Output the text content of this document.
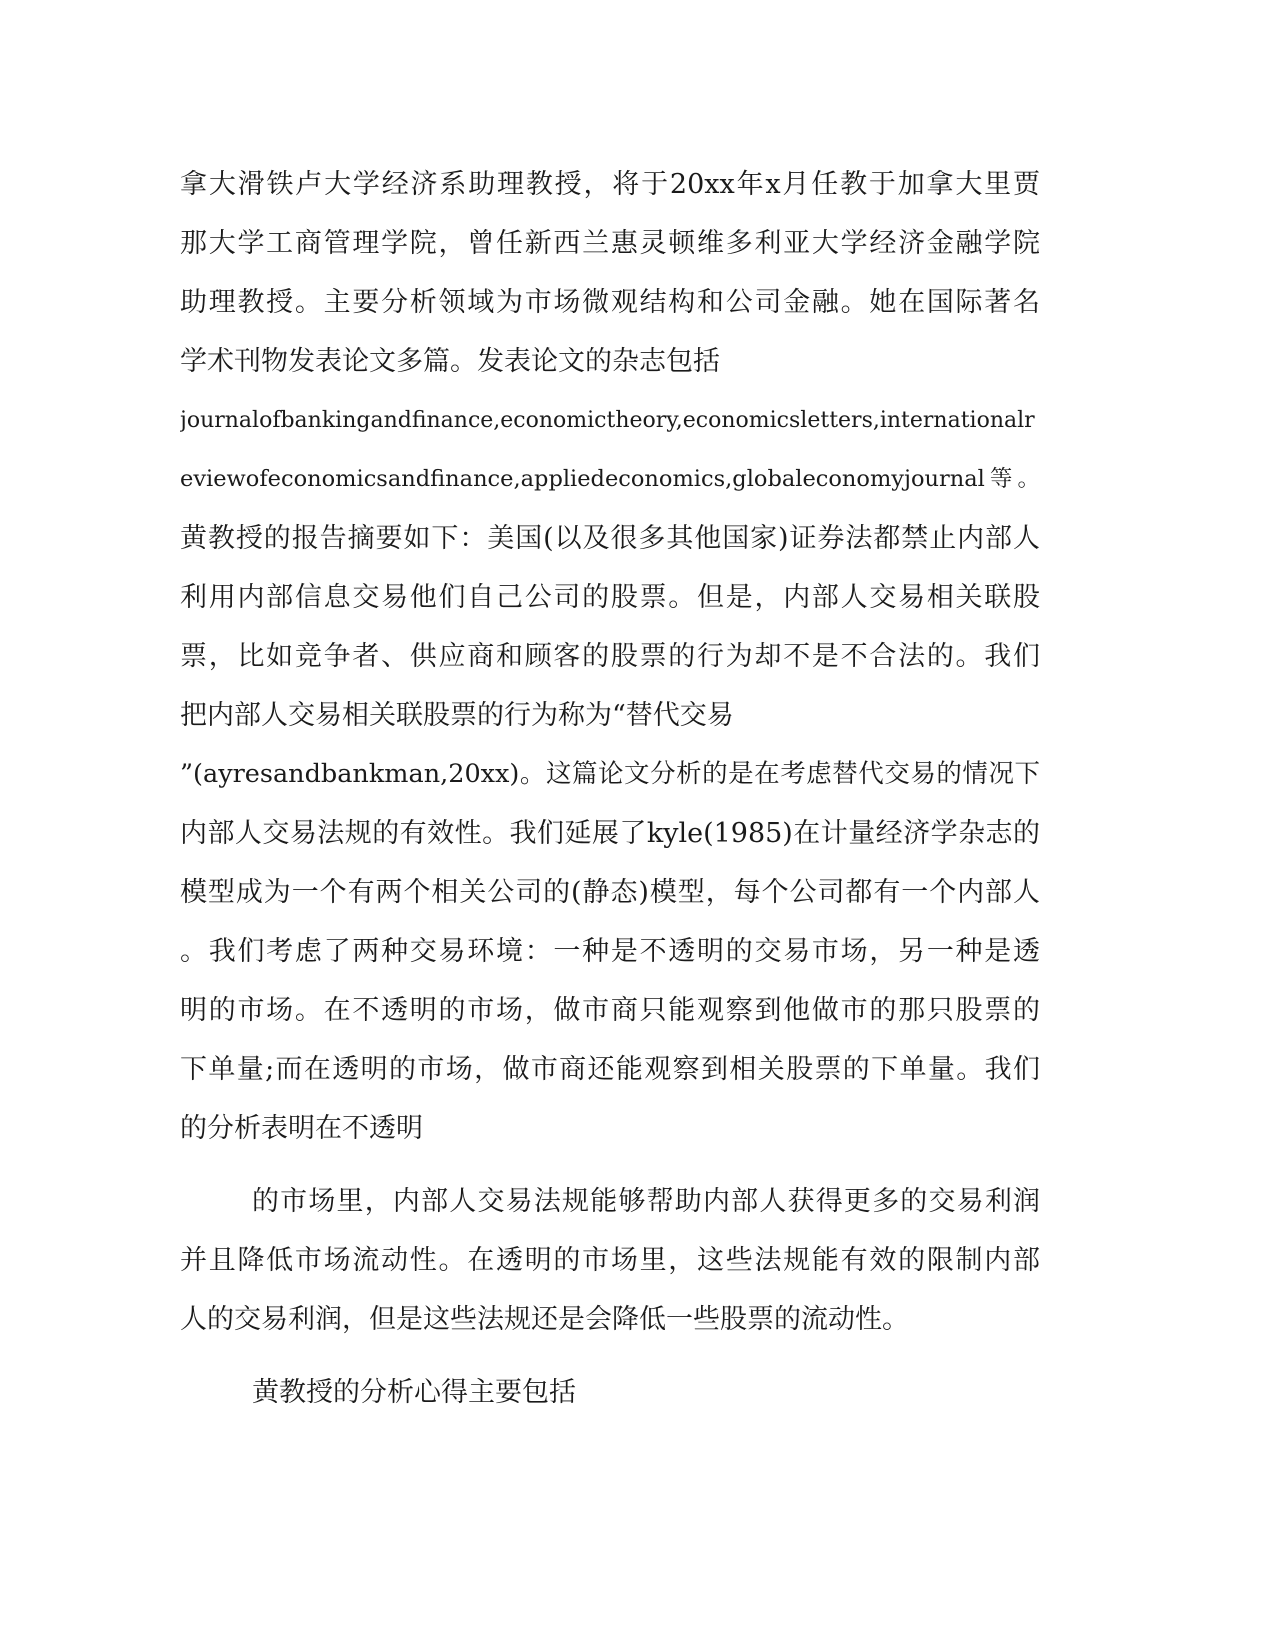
拿大滑铁卢大学经济系助理教授，将于20xx年x月任教于加拿大里贾
那大学工商管理学院，曾任新西兰惠灵顿维多利亚大学经济金融学院
助理教授。主要分析领域为市场微观结构和公司金融。她在国际著名
学术刊物发表论文多篇。发表论文的杂志包括
journalofbankingandfinance,economictheory,economicsletters,internationalr
eviewofeconomicsandfinance,appliedeconomics,globaleconomyjournal等。
黄教授的报告摘要如下：美国(以及很多其他国家)证券法都禁止内部人
利用内部信息交易他们自己公司的股票。但是，内部人交易相关联股
票，比如竞争者、供应商和顾客的股票的行为却不是不合法的。我们
把内部人交易相关联股票的行为称为“替代交易
”(ayresandbankman,20xx)。这篇论文分析的是在考虑替代交易的情况下
内部人交易法规的有效性。我们延展了kyle(1985)在计量经济学杂志的
模型成为一个有两个相关公司的(静态)模型，每个公司都有一个内部人
。我们考虑了两种交易环境：一种是不透明的交易市场，另一种是透
明的市场。在不透明的市场，做市商只能观察到他做市的那只股票的
下单量;而在透明的市场，做市商还能观察到相关股票的下单量。我们
的分析表明在不透明
的市场里，内部人交易法规能够帮助内部人获得更多的交易利润
并且降低市场流动性。在透明的市场里，这些法规能有效的限制内部
人的交易利润，但是这些法规还是会降低一些股票的流动性。
黄教授的分析心得主要包括
